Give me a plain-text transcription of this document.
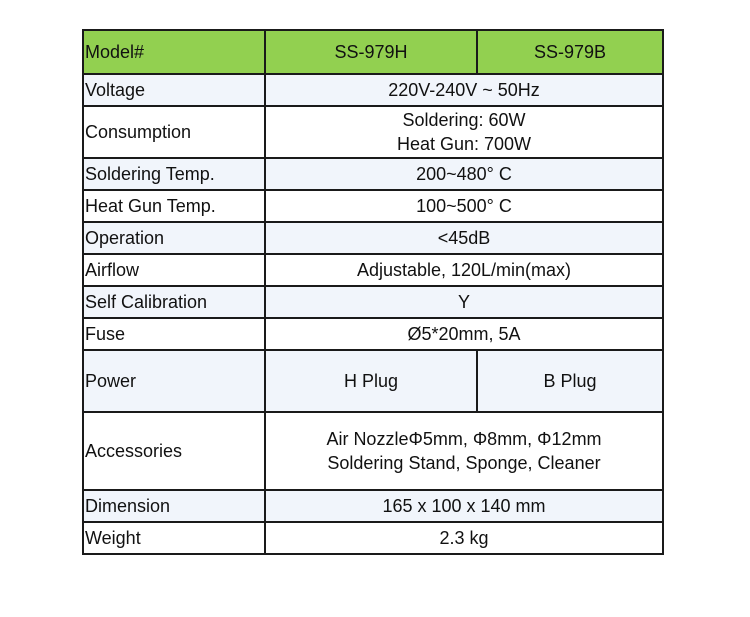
Model#	SS-979H	SS-979B
Voltage	220V-240V ~ 50Hz	
Consumption	Soldering: 60W
Heat Gun: 700W	

Soldering Temp.	200~480° C	
Heat Gun Temp.	100~500° C	
Operation	<45dB	
Airflow	Adjustable, 120L/min(max)	
Self Calibration	Y	
Fuse	Ø5*20mm, 5A	
Power	H Plug	B Plug
Accessories	Air NozzleΦ5mm, Φ8mm, Φ12mm
Soldering Stand, Sponge, Cleaner	

Dimension	165 x 100 x 140 mm	
Weight	2.3 kg	
